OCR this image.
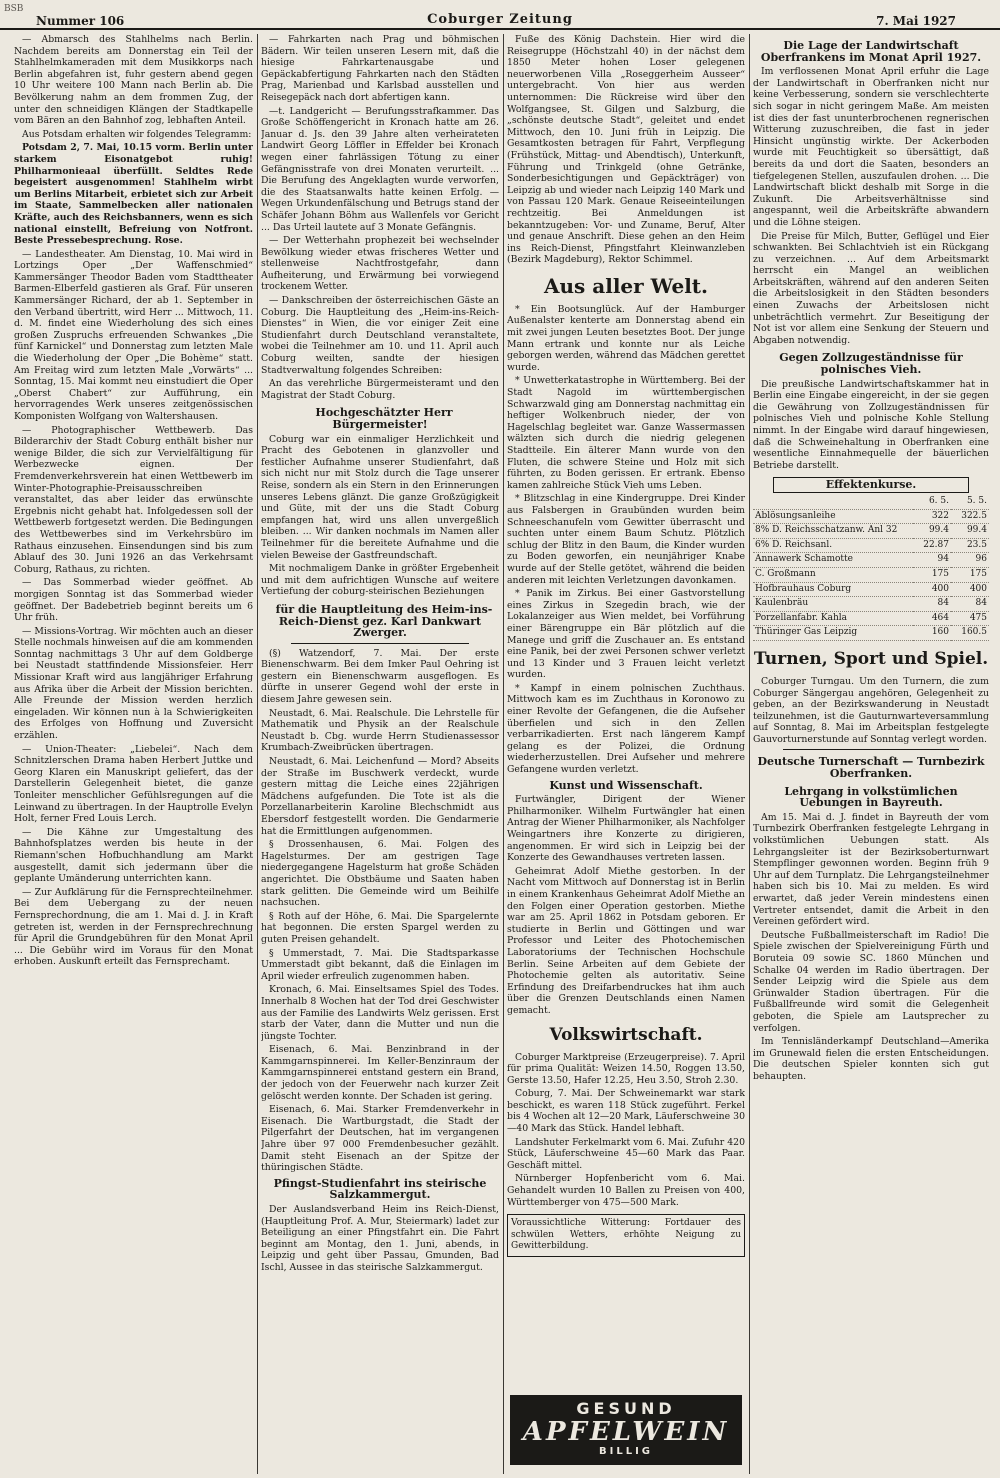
BSB
Nummer 106	Coburger Zeitung	7. Mai 1927

— Abmarsch des Stahlhelms nach Berlin. Nachdem bereits am Donnerstag ein Teil der Stahlhelmkameraden mit dem Musikkorps nach Berlin abgefahren ist, fuhr gestern abend gegen 10 Uhr weitere 100 Mann nach Berlin ab. Die Bevölkerung nahm an dem frommen Zug, der unter den schneidigen Klängen der Stadtkapelle vom Bären an den Bahnhof zog, lebhaften Anteil.

Aus Potsdam erhalten wir folgendes Telegramm:

Potsdam 2, 7. Mai, 10.15 vorm. Berlin unter starkem Eisonatgebot ruhig! Philharmonieaal überfüllt. Seldtes Rede begeistert ausgenommen! Stahlhelm wirbt um Berlins Mitarbeit, erbietet sich zur Arbeit im Staate, Sammelbecken aller nationalen Kräfte, auch des Reichsbanners, wenn es sich national einstellt, Befreiung von Notfront. Beste Pressebesprechung. Rose.

— Landestheater. Am Dienstag, 10. Mai wird in Lortzings Oper „Der Waffenschmied“ Kammersänger Theodor Baden vom Stadttheater Barmen-Elberfeld gastieren als Graf. Für unseren Kammersänger Richard, der ab 1. September in den Verband übertritt, wird Herr ... Mittwoch, 11. d. M. findet eine Wiederholung des sich eines großen Zuspruchs erfreuenden Schwankes „Die fünf Karnickel“ und Donnerstag zum letzten Male die Wiederholung der Oper „Die Bohème“ statt. Am Freitag wird zum letzten Male „Vorwärts“ ... Sonntag, 15. Mai kommt neu einstudiert die Oper „Oberst Chabert“ zur Aufführung, ein hervorragendes Werk unseres zeitgenössischen Komponisten Wolfgang von Waltershausen.

— Photographischer Wettbewerb. Das Bilderarchiv der Stadt Coburg enthält bisher nur wenige Bilder, die sich zur Vervielfältigung für Werbezwecke eignen. Der Fremdenverkehrsverein hat einen Wettbewerb im Winter-Photographie-Preisausschreiben veranstaltet, das aber leider das erwünschte Ergebnis nicht gehabt hat. Infolgedessen soll der Wettbewerb fortgesetzt werden. Die Bedingungen des Wettbewerbes sind im Verkehrsbüro im Rathaus einzusehen. Einsendungen sind bis zum Ablauf des 30. Juni 1926 an das Verkehrsamt Coburg, Rathaus, zu richten.

— Das Sommerbad wieder geöffnet. Ab morgigen Sonntag ist das Sommerbad wieder geöffnet. Der Badebetrieb beginnt bereits um 6 Uhr früh.

— Missions-Vortrag. Wir möchten auch an dieser Stelle nochmals hinweisen auf die am kommenden Sonntag nachmittags 3 Uhr auf dem Goldberge bei Neustadt stattfindende Missionsfeier. Herr Missionar Kraft wird aus langjähriger Erfahrung aus Afrika über die Arbeit der Mission berichten. Alle Freunde der Mission werden herzlich eingeladen. Wir können nun à la Schwierigkeiten des Erfolges von Hoffnung und Zuversicht erzählen.

— Union-Theater: „Liebelei“. Nach dem Schnitzlerschen Drama haben Herbert Juttke und Georg Klaren ein Manuskript geliefert, das der Darstellerin Gelegenheit bietet, die ganze Tonleiter menschlicher Gefühlsregungen auf die Leinwand zu übertragen. In der Hauptrolle Evelyn Holt, ferner Fred Louis Lerch.

— Die Kähne zur Umgestaltung des Bahnhofsplatzes werden bis heute in der Riemann'schen Hofbuchhandlung am Markt ausgestellt, damit sich jedermann über die geplante Umänderung unterrichten kann.

— Zur Aufklärung für die Fernsprechteilnehmer. Bei dem Uebergang zu der neuen Fernsprechordnung, die am 1. Mai d. J. in Kraft getreten ist, werden in der Fernsprechrechnung für April die Grundgebühren für den Monat April ... Die Gebühr wird im Voraus für den Monat erhoben. Auskunft erteilt das Fernsprechamt.

— Fahrkarten nach Prag und böhmischen Bädern. Wir teilen unseren Lesern mit, daß die hiesige Fahrkartenausgabe und Gepäckabfertigung Fahrkarten nach den Städten Prag, Marienbad und Karlsbad ausstellen und Reisegepäck nach dort abfertigen kann.

—t. Landgericht — Berufungsstrafkammer. Das Große Schöffengericht in Kronach hatte am 26. Januar d. Js. den 39 Jahre alten verheirateten Landwirt Georg Löffler in Effelder bei Kronach wegen einer fahrlässigen Tötung zu einer Gefängnisstrafe von drei Monaten verurteilt. ... Die Berufung des Angeklagten wurde verworfen, die des Staatsanwalts hatte keinen Erfolg. — Wegen Urkundenfälschung und Betrugs stand der Schäfer Johann Böhm aus Wallenfels vor Gericht ... Das Urteil lautete auf 3 Monate Gefängnis.

— Der Wetterhahn prophezeit bei wechselnder Bewölkung wieder etwas frischeres Wetter und stellenweise Nachtfrostgefahr, dann Aufheiterung, und Erwärmung bei vorwiegend trockenem Wetter.

— Dankschreiben der österreichischen Gäste an Coburg. Die Hauptleitung des „Heim-ins-Reich-Dienstes“ in Wien, die vor einiger Zeit eine Studienfahrt durch Deutschland veranstaltete, wobei die Teilnehmer am 10. und 11. April auch Coburg weilten, sandte der hiesigen Stadtverwaltung folgendes Schreiben:

An das verehrliche Bürgermeisteramt und den Magistrat der Stadt Coburg.

Hochgeschätzter Herr Bürgermeister!

Coburg war ein einmaliger Herzlichkeit und Pracht des Gebotenen in glanzvoller und festlicher Aufnahme unserer Studienfahrt, daß sich nicht nur mit Stolz durch die Tage unserer Reise, sondern als ein Stern in den Erinnerungen unseres Lebens glänzt. Die ganze Großzügigkeit und Güte, mit der uns die Stadt Coburg empfangen hat, wird uns allen unvergeßlich bleiben. ... Wir danken nochmals im Namen aller Teilnehmer für die bereitete Aufnahme und die vielen Beweise der Gastfreundschaft.

Mit nochmaligem Danke in größter Ergebenheit und mit dem aufrichtigen Wunsche auf weitere Vertiefung der coburg-steirischen Beziehungen

für die Hauptleitung des Heim-ins-Reich-Dienst gez. Karl Dankwart Zwerger.

(§) Watzendorf, 7. Mai. Der erste Bienenschwarm. Bei dem Imker Paul Oehring ist gestern ein Bienenschwarm ausgeflogen. Es dürfte in unserer Gegend wohl der erste in diesem Jahre gewesen sein.

Neustadt, 6. Mai. Realschule. Die Lehrstelle für Mathematik und Physik an der Realschule Neustadt b. Cbg. wurde Herrn Studienassessor Krumbach-Zweibrücken übertragen.

Neustadt, 6. Mai. Leichenfund — Mord? Abseits der Straße im Buschwerk verdeckt, wurde gestern mittag die Leiche eines 22jährigen Mädchens aufgefunden. Die Tote ist als die Porzellanarbeiterin Karoline Blechschmidt aus Ebersdorf festgestellt worden. Die Gendarmerie hat die Ermittlungen aufgenommen.

§ Drossenhausen, 6. Mai. Folgen des Hagelsturmes. Der am gestrigen Tage niedergegangene Hagelsturm hat große Schäden angerichtet. Die Obstbäume und Saaten haben stark gelitten. Die Gemeinde wird um Beihilfe nachsuchen.

§ Roth auf der Höhe, 6. Mai. Die Spargelernte hat begonnen. Die ersten Spargel werden zu guten Preisen gehandelt.

§ Ummerstadt, 7. Mai. Die Stadtsparkasse Ummerstadt gibt bekannt, daß die Einlagen im April wieder erfreulich zugenommen haben.

Kronach, 6. Mai. Einseltsames Spiel des Todes. Innerhalb 8 Wochen hat der Tod drei Geschwister aus der Familie des Landwirts Welz gerissen. Erst starb der Vater, dann die Mutter und nun die jüngste Tochter.

Eisenach, 6. Mai. Benzinbrand in der Kammgarnspinnerei. Im Keller-Benzinraum der Kammgarnspinnerei entstand gestern ein Brand, der jedoch von der Feuerwehr nach kurzer Zeit gelöscht werden konnte. Der Schaden ist gering.

Eisenach, 6. Mai. Starker Fremdenverkehr in Eisenach. Die Wartburgstadt, die Stadt der Pilgerfahrt der Deutschen, hat im vergangenen Jahre über 97 000 Fremdenbesucher gezählt. Damit steht Eisenach an der Spitze der thüringischen Städte.

Pfingst-Studienfahrt ins steirische Salzkammergut.

Der Auslandsverband Heim ins Reich-Dienst, (Hauptleitung Prof. A. Mur, Steiermark) ladet zur Beteiligung an einer Pfingstfahrt ein. Die Fahrt beginnt am Montag, den 1. Juni, abends, in Leipzig und geht über Passau, Gmunden, Bad Ischl, Aussee in das steirische Salzkammergut.

Fuße des König Dachstein. Hier wird die Reisegruppe (Höchstzahl 40) in der nächst dem 1850 Meter hohen Loser gelegenen neuerworbenen Villa „Roseggerheim Ausseer“ untergebracht. Von hier aus werden unternommen: Die Rückreise wird über den Wolfgangsee, St. Gilgen und Salzburg, die „schönste deutsche Stadt“, geleitet und endet Mittwoch, den 10. Juni früh in Leipzig. Die Gesamtkosten betragen für Fahrt, Verpflegung (Frühstück, Mittag- und Abendtisch), Unterkunft, Führung und Trinkgeld (ohne Getränke, Sonderbesichtigungen und Gepäckträger) von Leipzig ab und wieder nach Leipzig 140 Mark und von Passau 120 Mark. Genaue Reiseeinteilungen rechtzeitig. Bei Anmeldungen ist bekanntzugeben: Vor- und Zuname, Beruf, Alter und genaue Anschrift. Diese gehen an den Heim ins Reich-Dienst, Pfingstfahrt Kleinwanzleben (Bezirk Magdeburg), Rektor Schimmel.

Aus aller Welt.

* Ein Bootsunglück. Auf der Hamburger Außenalster kenterte am Donnerstag abend ein mit zwei jungen Leuten besetztes Boot. Der junge Mann ertrank und konnte nur als Leiche geborgen werden, während das Mädchen gerettet wurde.

* Unwetterkatastrophe in Württemberg. Bei der Stadt Nagold im württembergischen Schwarzwald ging am Donnerstag nachmittag ein heftiger Wolkenbruch nieder, der von Hagelschlag begleitet war. Ganze Wassermassen wälzten sich durch die niedrig gelegenen Stadtteile. Ein älterer Mann wurde von den Fluten, die schwere Steine und Holz mit sich führten, zu Boden gerissen. Er ertrank. Ebenso kamen zahlreiche Stück Vieh ums Leben.

* Blitzschlag in eine Kindergruppe. Drei Kinder aus Falsbergen in Graubünden wurden beim Schneeschanufeln vom Gewitter überrascht und suchten unter einem Baum Schutz. Plötzlich schlug der Blitz in den Baum, die Kinder wurden zu Boden geworfen, ein neunjähriger Knabe wurde auf der Stelle getötet, während die beiden anderen mit leichten Verletzungen davonkamen.

* Panik im Zirkus. Bei einer Gastvorstellung eines Zirkus in Szegedin brach, wie der Lokalanzeiger aus Wien meldet, bei Vorführung einer Bärengruppe ein Bär plötzlich auf die Manege und griff die Zuschauer an. Es entstand eine Panik, bei der zwei Personen schwer verletzt und 13 Kinder und 3 Frauen leicht verletzt wurden.

* Kampf in einem polnischen Zuchthaus. Mittwoch kam es im Zuchthaus in Koronowo zu einer Revolte der Gefangenen, die die Aufseher überfielen und sich in den Zellen verbarrikadierten. Erst nach längerem Kampf gelang es der Polizei, die Ordnung wiederherzustellen. Drei Aufseher und mehrere Gefangene wurden verletzt.

Kunst und Wissenschaft.

Furtwängler, Dirigent der Wiener Philharmoniker. Wilhelm Furtwängler hat einen Antrag der Wiener Philharmoniker, als Nachfolger Weingartners ihre Konzerte zu dirigieren, angenommen. Er wird sich in Leipzig bei der Konzerte des Gewandhauses vertreten lassen.

Geheimrat Adolf Miethe gestorben. In der Nacht vom Mittwoch auf Donnerstag ist in Berlin in einem Krankenhaus Geheimrat Adolf Miethe an den Folgen einer Operation gestorben. Miethe war am 25. April 1862 in Potsdam geboren. Er studierte in Berlin und Göttingen und war Professor und Leiter des Photochemischen Laboratoriums der Technischen Hochschule Berlin. Seine Arbeiten auf dem Gebiete der Photochemie gelten als autoritativ. Seine Erfindung des Dreifarbendruckes hat ihm auch über die Grenzen Deutschlands einen Namen gemacht.

Volkswirtschaft.

Coburger Marktpreise (Erzeugerpreise). 7. April für prima Qualität: Weizen 14.50, Roggen 13.50, Gerste 13.50, Hafer 12.25, Heu 3.50, Stroh 2.30.

Coburg, 7. Mai. Der Schweinemarkt war stark beschickt, es waren 118 Stück zugeführt. Ferkel bis 4 Wochen alt 12—20 Mark, Läuferschweine 30—40 Mark das Stück. Handel lebhaft.

Landshuter Ferkelmarkt vom 6. Mai. Zufuhr 420 Stück, Läuferschweine 45—60 Mark das Paar. Geschäft mittel.

Nürnberger Hopfenbericht vom 6. Mai. Gehandelt wurden 10 Ballen zu Preisen von 400, Württemberger von 475—500 Mark.

Voraussichtliche Witterung: Fortdauer des schwülen Wetters, erhöhte Neigung zu Gewitterbildung.

Die Lage der Landwirtschaft Oberfrankens im Monat April 1927.

Im verflossenen Monat April erfuhr die Lage der Landwirtschaft in Oberfranken nicht nur keine Verbesserung, sondern sie verschlechterte sich sogar in nicht geringem Maße. Am meisten ist dies der fast ununterbrochenen regnerischen Witterung zuzuschreiben, die fast in jeder Hinsicht ungünstig wirkte. Der Ackerboden wurde mit Feuchtigkeit so übersättigt, daß bereits da und dort die Saaten, besonders an tiefgelegenen Stellen, auszufaulen drohen. ... Die Landwirtschaft blickt deshalb mit Sorge in die Zukunft. Die Arbeitsverhältnisse sind angespannt, weil die Arbeitskräfte abwandern und die Löhne steigen.

Die Preise für Milch, Butter, Geflügel und Eier schwankten. Bei Schlachtvieh ist ein Rückgang zu verzeichnen. ... Auf dem Arbeitsmarkt herrscht ein Mangel an weiblichen Arbeitskräften, während auf den anderen Seiten die Arbeitslosigkeit in den Städten besonders einen Zuwachs der Arbeitslosen nicht unbeträchtlich vermehrt. Zur Beseitigung der Not ist vor allem eine Senkung der Steuern und Abgaben notwendig.

Gegen Zollzugeständnisse für polnisches Vieh.

Die preußische Landwirtschaftskammer hat in Berlin eine Eingabe eingereicht, in der sie gegen die Gewährung von Zollzugeständnissen für polnisches Vieh und polnische Kohle Stellung nimmt. In der Eingabe wird darauf hingewiesen, daß die Schweinehaltung in Oberfranken eine wesentliche Einnahmequelle der bäuerlichen Betriebe darstellt.

Effektenkurse.
	6. 5.	5. 5.
Ablösungsanleihe	322	322.5
8% D. Reichsschatzanw. Anl 32	99.4	99.4
6% D. Reichsanl.	22.87	23.5
Annawerk Schamotte	94	96
C. Großmann	175	175
Hofbrauhaus Coburg	400	400
Kaulenbräu	84	84
Porzellanfabr. Kahla	464	475
Thüringer Gas Leipzig	160	160.5
Turnen, Sport und Spiel.

Coburger Turngau. Um den Turnern, die zum Coburger Sängergau angehören, Gelegenheit zu geben, an der Bezirkswanderung in Neustadt teilzunehmen, ist die Gauturnwarteversammlung auf Sonntag, 8. Mai im Arbeitsplan festgelegte Gauvorturnerstunde auf Sonntag verlegt worden.

Deutsche Turnerschaft — Turnbezirk Oberfranken.
Lehrgang in volkstümlichen Uebungen in Bayreuth.

Am 15. Mai d. J. findet in Bayreuth der vom Turnbezirk Oberfranken festgelegte Lehrgang in volkstümlichen Uebungen statt. Als Lehrgangsleiter ist der Bezirksoberturnwart Stempflinger gewonnen worden. Beginn früh 9 Uhr auf dem Turnplatz. Die Lehrgangsteilnehmer haben sich bis 10. Mai zu melden. Es wird erwartet, daß jeder Verein mindestens einen Vertreter entsendet, damit die Arbeit in den Vereinen gefördert wird.

Deutsche Fußballmeisterschaft im Radio! Die Spiele zwischen der Spielvereinigung Fürth und Boruteia 09 sowie SC. 1860 München und Schalke 04 werden im Radio übertragen. Der Sender Leipzig wird die Spiele aus dem Grünwalder Stadion übertragen. Für die Fußballfreunde wird somit die Gelegenheit geboten, die Spiele am Lautsprecher zu verfolgen.

Im Tennisländerkampf Deutschland—Amerika im Grunewald fielen die ersten Entscheidungen. Die deutschen Spieler konnten sich gut behaupten.

GESUND
APFELWEIN
BILLIG
